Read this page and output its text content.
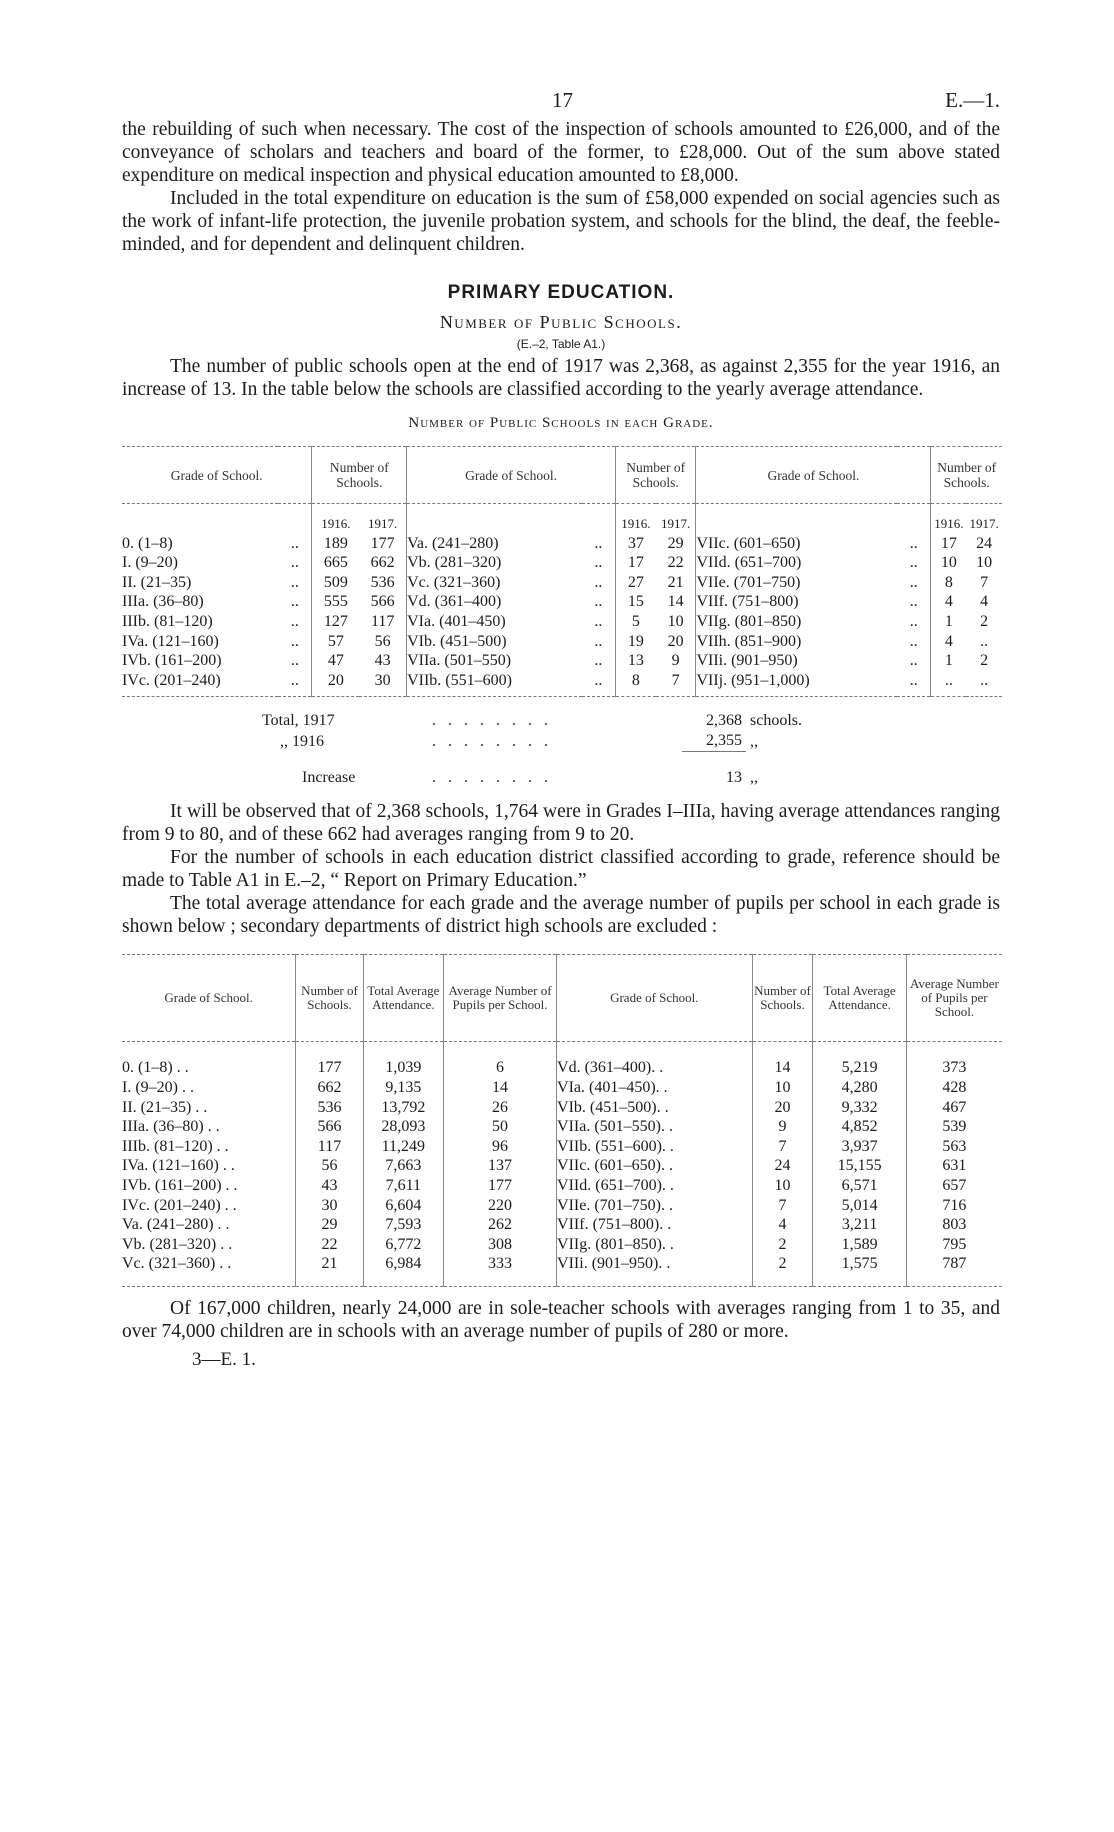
17	E.—1.

the rebuilding of such when necessary. The cost of the inspection of schools amounted to £26,000, and of the conveyance of scholars and teachers and board of the former, to £28,000. Out of the sum above stated expenditure on medical inspection and physical education amounted to £8,000.

Included in the total expenditure on education is the sum of £58,000 expended on social agencies such as the work of infant-life protection, the juvenile probation system, and schools for the blind, the deaf, the feeble-minded, and for dependent and delinquent children.

PRIMARY EDUCATION.
Number of Public Schools.
(E.–2, Table A1.)

The number of public schools open at the end of 1917 was 2,368, as against 2,355 for the year 1916, an increase of 13. In the table below the schools are classified according to the yearly average attendance.

Number of Public Schools in each Grade.
Grade of School.		Number of Schools.		Grade of School.		Number of Schools.		Grade of School.		Number of Schools.	
		1916.	1917.			1916.	1917.			1916.	1917.
0. (1–8)	..	189	177	Va. (241–280)	..	37	29	VIIc. (601–650)	..	17	24
I. (9–20)	..	665	662	Vb. (281–320)	..	17	22	VIId. (651–700)	..	10	10
II. (21–35)	..	509	536	Vc. (321–360)	..	27	21	VIIe. (701–750)	..	8	7
IIIa. (36–80)	..	555	566	Vd. (361–400)	..	15	14	VIIf. (751–800)	..	4	4
IIIb. (81–120)	..	127	117	VIa. (401–450)	..	5	10	VIIg. (801–850)	..	1	2
IVa. (121–160)	..	57	56	VIb. (451–500)	..	19	20	VIIh. (851–900)	..	4	..
IVb. (161–200)	..	47	43	VIIa. (501–550)	..	13	9	VIIi. (901–950)	..	1	2
IVc. (201–240)	..	20	30	VIIb. (551–600)	..	8	7	VIIj. (951–1,000)	..	..	..
Total, 1917	. . . . . . . .	2,368	schools.
,, 1916	. . . . . . . .	2,355	,,
Increase	. . . . . . . .	13	,,

It will be observed that of 2,368 schools, 1,764 were in Grades I–IIIa, having average attendances ranging from 9 to 80, and of these 662 had averages ranging from 9 to 20.

For the number of schools in each education district classified according to grade, reference should be made to Table A1 in E.–2, “ Report on Primary Education.”

The total average attendance for each grade and the average number of pupils per school in each grade is shown below ; secondary departments of district high schools are excluded :

Grade of School.	Number of Schools.	Total Average Attendance.	Average Number of Pupils per School.	Grade of School.	Number of Schools.	Total Average Attendance.	Average Number of Pupils per School.
0. (1–8) . .	177	1,039	6	Vd. (361–400). .	14	5,219	373
I. (9–20) . .	662	9,135	14	VIa. (401–450). .	10	4,280	428
II. (21–35) . .	536	13,792	26	VIb. (451–500). .	20	9,332	467
IIIa. (36–80) . .	566	28,093	50	VIIa. (501–550). .	9	4,852	539
IIIb. (81–120) . .	117	11,249	96	VIIb. (551–600). .	7	3,937	563
IVa. (121–160) . .	56	7,663	137	VIIc. (601–650). .	24	15,155	631
IVb. (161–200) . .	43	7,611	177	VIId. (651–700). .	10	6,571	657
IVc. (201–240) . .	30	6,604	220	VIIe. (701–750). .	7	5,014	716
Va. (241–280) . .	29	7,593	262	VIIf. (751–800). .	4	3,211	803
Vb. (281–320) . .	22	6,772	308	VIIg. (801–850). .	2	1,589	795
Vc. (321–360) . .	21	6,984	333	VIIi. (901–950). .	2	1,575	787

Of 167,000 children, nearly 24,000 are in sole-teacher schools with averages ranging from 1 to 35, and over 74,000 children are in schools with an average number of pupils of 280 or more.

3—E. 1.
